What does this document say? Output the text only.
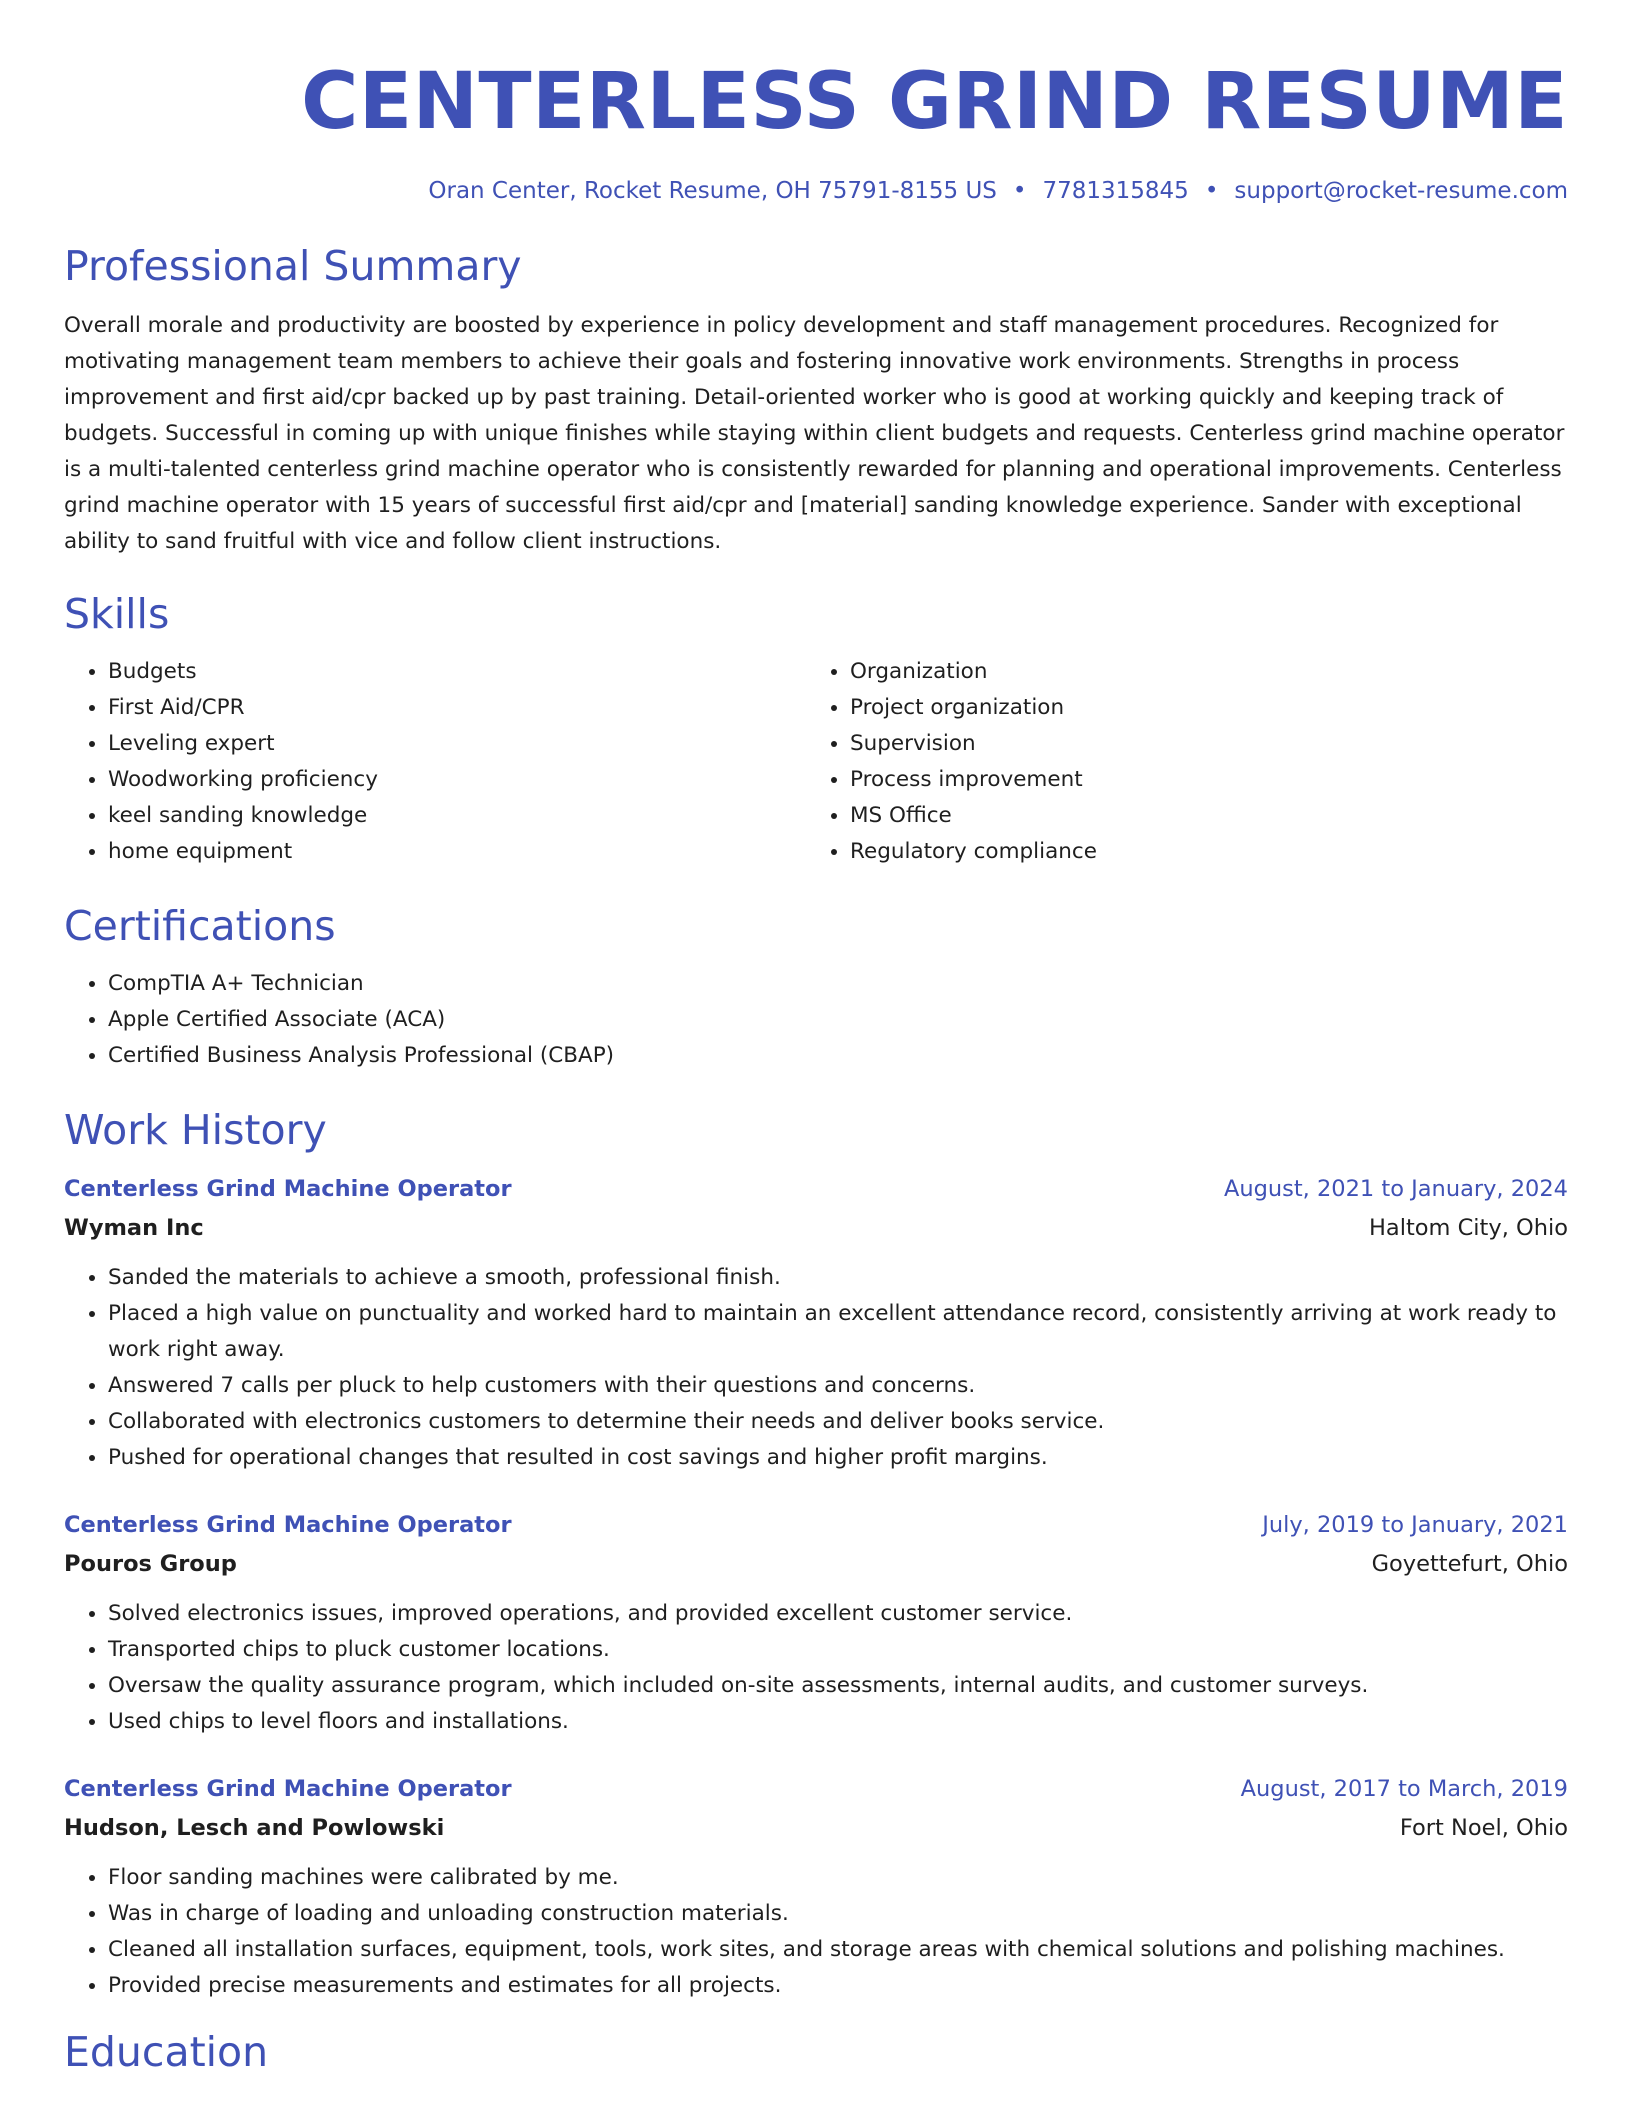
CENTERLESS GRIND RESUME
Oran Center, Rocket Resume, OH 75791-8155 US • 7781315845 • support@rocket-resume.com
Professional Summary

Overall morale and productivity are boosted by experience in policy development and staff management procedures. Recognized for motivating management team members to achieve their goals and fostering innovative work environments. Strengths in process improvement and first aid/cpr backed up by past training. Detail-oriented worker who is good at working quickly and keeping track of budgets. Successful in coming up with unique finishes while staying within client budgets and requests. Centerless grind machine operator is a multi-talented centerless grind machine operator who is consistently rewarded for planning and operational improvements. Centerless grind machine operator with 15 years of successful first aid/cpr and [material] sanding knowledge experience. Sander with exceptional ability to sand fruitful with vice and follow client instructions.

Skills
• Budgets
• First Aid/CPR
• Leveling expert
• Woodworking proficiency
• keel sanding knowledge
• home equipment
• Organization
• Project organization
• Supervision
• Process improvement
• MS Office
• Regulatory compliance
Certifications
• CompTIA A+ Technician
• Apple Certified Associate (ACA)
• Certified Business Analysis Professional (CBAP)
Work History
Centerless Grind Machine Operator	August, 2021 to January, 2024
Wyman Inc	Haltom City, Ohio
• Sanded the materials to achieve a smooth, professional finish.
• Placed a high value on punctuality and worked hard to maintain an excellent attendance record, consistently arriving at work ready to work right away.
• Answered 7 calls per pluck to help customers with their questions and concerns.
• Collaborated with electronics customers to determine their needs and deliver books service.
• Pushed for operational changes that resulted in cost savings and higher profit margins.
Centerless Grind Machine Operator	July, 2019 to January, 2021
Pouros Group	Goyettefurt, Ohio
• Solved electronics issues, improved operations, and provided excellent customer service.
• Transported chips to pluck customer locations.
• Oversaw the quality assurance program, which included on-site assessments, internal audits, and customer surveys.
• Used chips to level floors and installations.
Centerless Grind Machine Operator	August, 2017 to March, 2019
Hudson, Lesch and Powlowski	Fort Noel, Ohio
• Floor sanding machines were calibrated by me.
• Was in charge of loading and unloading construction materials.
• Cleaned all installation surfaces, equipment, tools, work sites, and storage areas with chemical solutions and polishing machines.
• Provided precise measurements and estimates for all projects.
Education
